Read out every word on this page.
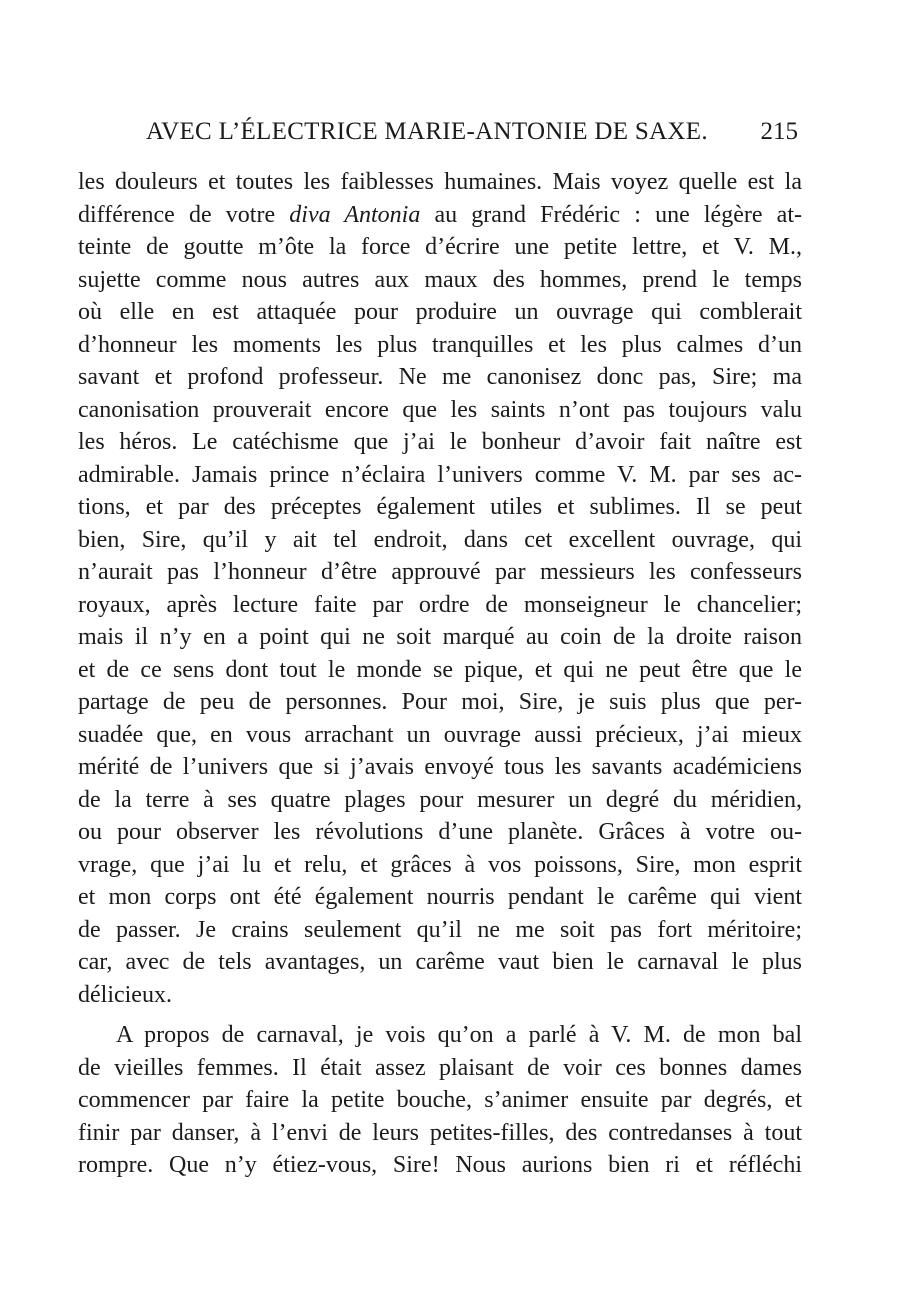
AVEC L’ÉLECTRICE MARIE-ANTONIE DE SAXE. 215
les douleurs et toutes les faiblesses humaines. Mais voyez quelle est la
différence de votre diva Antonia au grand Frédéric : une légère at-
teinte de goutte m’ôte la force d’écrire une petite lettre, et V. M.,
sujette comme nous autres aux maux des hommes, prend le temps
où elle en est attaquée pour produire un ouvrage qui comblerait
d’honneur les moments les plus tranquilles et les plus calmes d’un
savant et profond professeur. Ne me canonisez donc pas, Sire; ma
canonisation prouverait encore que les saints n’ont pas toujours valu
les héros. Le catéchisme que j’ai le bonheur d’avoir fait naître est
admirable. Jamais prince n’éclaira l’univers comme V. M. par ses ac-
tions, et par des préceptes également utiles et sublimes. Il se peut
bien, Sire, qu’il y ait tel endroit, dans cet excellent ouvrage, qui
n’aurait pas l’honneur d’être approuvé par messieurs les confesseurs
royaux, après lecture faite par ordre de monseigneur le chancelier;
mais il n’y en a point qui ne soit marqué au coin de la droite raison
et de ce sens dont tout le monde se pique, et qui ne peut être que le
partage de peu de personnes. Pour moi, Sire, je suis plus que per-
suadée que, en vous arrachant un ouvrage aussi précieux, j’ai mieux
mérité de l’univers que si j’avais envoyé tous les savants académiciens
de la terre à ses quatre plages pour mesurer un degré du méridien,
ou pour observer les révolutions d’une planète. Grâces à votre ou-
vrage, que j’ai lu et relu, et grâces à vos poissons, Sire, mon esprit
et mon corps ont été également nourris pendant le carême qui vient
de passer. Je crains seulement qu’il ne me soit pas fort méritoire;
car, avec de tels avantages, un carême vaut bien le carnaval le plus
délicieux.
A propos de carnaval, je vois qu’on a parlé à V. M. de mon bal
de vieilles femmes. Il était assez plaisant de voir ces bonnes dames
commencer par faire la petite bouche, s’animer ensuite par degrés, et
finir par danser, à l’envi de leurs petites-filles, des contredanses à tout
rompre. Que n’y étiez-vous, Sire! Nous aurions bien ri et réfléchi
